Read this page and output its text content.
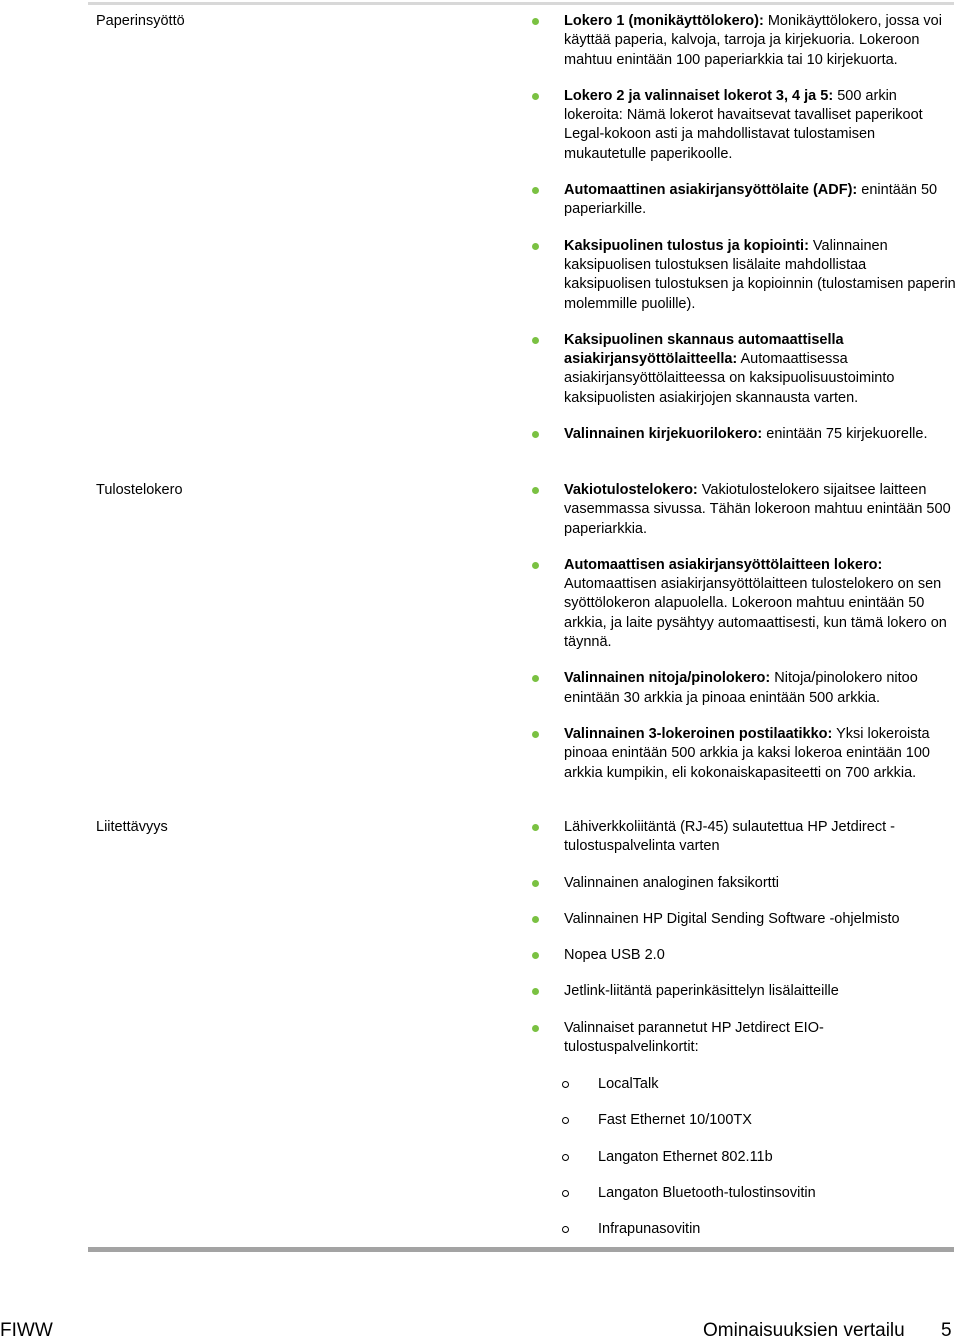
Paperinsyöttö	Lokero 1 (monikäyttölokero): Monikäyttölokero, jossa voi käyttää paperia, kalvoja, tarroja ja kirjekuoria. Lokeroon mahtuu enintään 100 paperiarkkia tai 10 kirjekuorta.
Lokero 2 ja valinnaiset lokerot 3, 4 ja 5: 500 arkin lokeroita: Nämä lokerot havaitsevat tavalliset paperikoot Legal-kokoon asti ja mahdollistavat tulostamisen mukautetulle paperikoolle.
Automaattinen asiakirjansyöttölaite (ADF): enintään 50 paperiarkille.
Kaksipuolinen tulostus ja kopiointi: Valinnainen kaksipuolisen tulostuksen lisälaite mahdollistaa kaksipuolisen tulostuksen ja kopioinnin (tulostamisen paperin molemmille puolille).
Kaksipuolinen skannaus automaattisella asiakirjansyöttölaitteella: Automaattisessa asiakirjansyöttölaitteessa on kaksipuolisuustoiminto kaksipuolisten asiakirjojen skannausta varten.
Valinnainen kirjekuorilokero: enintään 75 kirjekuorelle.
Tulostelokero	Vakiotulostelokero: Vakiotulostelokero sijaitsee laitteen vasemmassa sivussa. Tähän lokeroon mahtuu enintään 500 paperiarkkia.
Automaattisen asiakirjansyöttölaitteen lokero: Automaattisen asiakirjansyöttölaitteen tulostelokero on sen syöttölokeron alapuolella. Lokeroon mahtuu enintään 50 arkkia, ja laite pysähtyy automaattisesti, kun tämä lokero on täynnä.
Valinnainen nitoja/pinolokero: Nitoja/pinolokero nitoo enintään 30 arkkia ja pinoaa enintään 500 arkkia.
Valinnainen 3-lokeroinen postilaatikko: Yksi lokeroista pinoaa enintään 500 arkkia ja kaksi lokeroa enintään 100 arkkia kumpikin, eli kokonaiskapasiteetti on 700 arkkia.
Liitettävyys	Lähiverkkoliitäntä (RJ-45) sulautettua HP Jetdirect -tulostuspalvelinta varten
Valinnainen analoginen faksikortti
Valinnainen HP Digital Sending Software -ohjelmisto
Nopea USB 2.0
Jetlink-liitäntä paperinkäsittelyn lisälaitteille
Valinnaiset parannetut HP Jetdirect EIO-tulostuspalvelinkortit:
LocalTalk
Fast Ethernet 10/100TX
Langaton Ethernet 802.11b
Langaton Bluetooth-tulostinsovitin
Infrapunasovitin
FIWW	Ominaisuuksien vertailu 5
